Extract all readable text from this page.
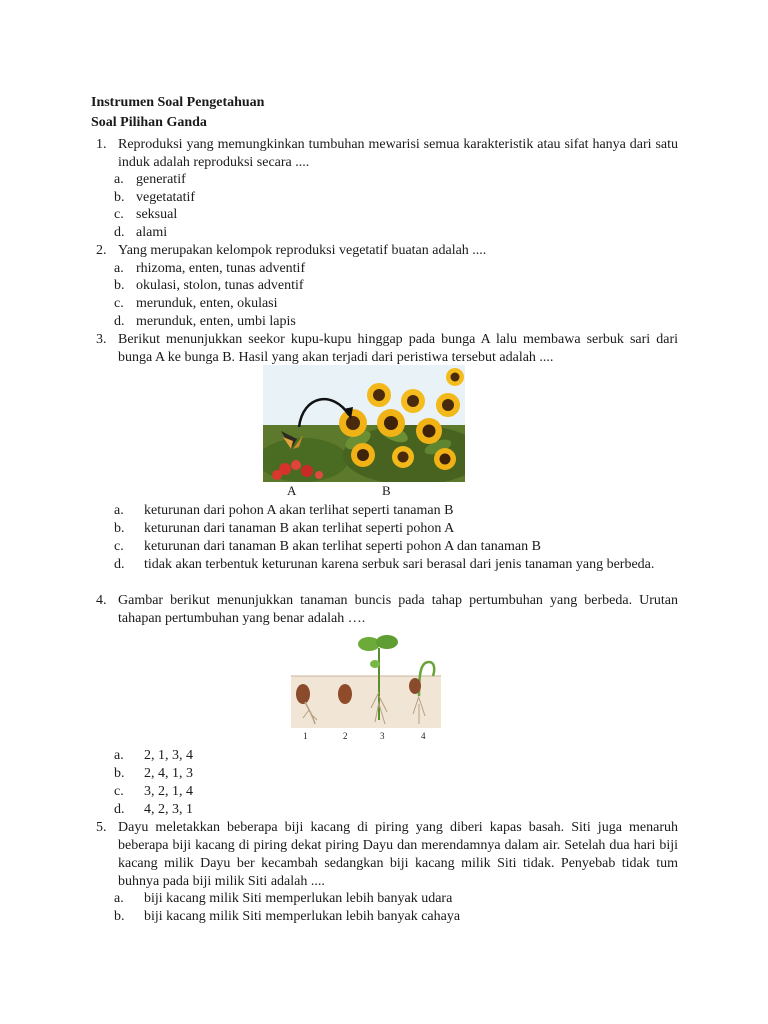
Instrumen Soal Pengetahuan
Soal Pilihan Ganda
1. Reproduksi yang memungkinkan tumbuhan mewarisi semua karakteristik atau sifat hanya dari satu induk adalah reproduksi secara ....
a. generatif
b. vegetatatif
c. seksual
d. alami
2. Yang merupakan kelompok reproduksi vegetatif buatan adalah ....
a. rhizoma, enten, tunas adventif
b. okulasi, stolon, tunas adventif
c. merunduk, enten, okulasi
d. merunduk, enten, umbi lapis
3. Berikut menunjukkan seekor kupu-kupu hinggap pada bunga A lalu membawa serbuk sari dari bunga A ke bunga B. Hasil yang akan terjadi dari peristiwa tersebut adalah ....
A	B
a. keturunan dari pohon A akan terlihat seperti tanaman B
b. keturunan dari tanaman B akan terlihat seperti pohon A
c. keturunan dari tanaman B akan terlihat seperti pohon A dan tanaman B
d. tidak akan terbentuk keturunan karena serbuk sari berasal dari jenis tanaman yang berbeda.
4. Gambar berikut menunjukkan tanaman buncis pada tahap pertumbuhan yang berbeda. Urutan tahapan pertumbuhan yang benar adalah ….
1	2	3	4
a. 2, 1, 3, 4
b. 2, 4, 1, 3
c. 3, 2, 1, 4
d. 4, 2, 3, 1
5. Dayu meletakkan beberapa biji kacang di piring yang diberi kapas basah. Siti juga menaruh beberapa biji kacang di piring dekat piring Dayu dan merendamnya dalam air. Setelah dua hari biji kacang milik Dayu ber kecambah sedangkan biji kacang milik Siti tidak. Penyebab tidak tum buhnya pada biji milik Siti adalah ....
a. biji kacang milik Siti memperlukan lebih banyak udara
b. biji kacang milik Siti memperlukan lebih banyak cahaya
